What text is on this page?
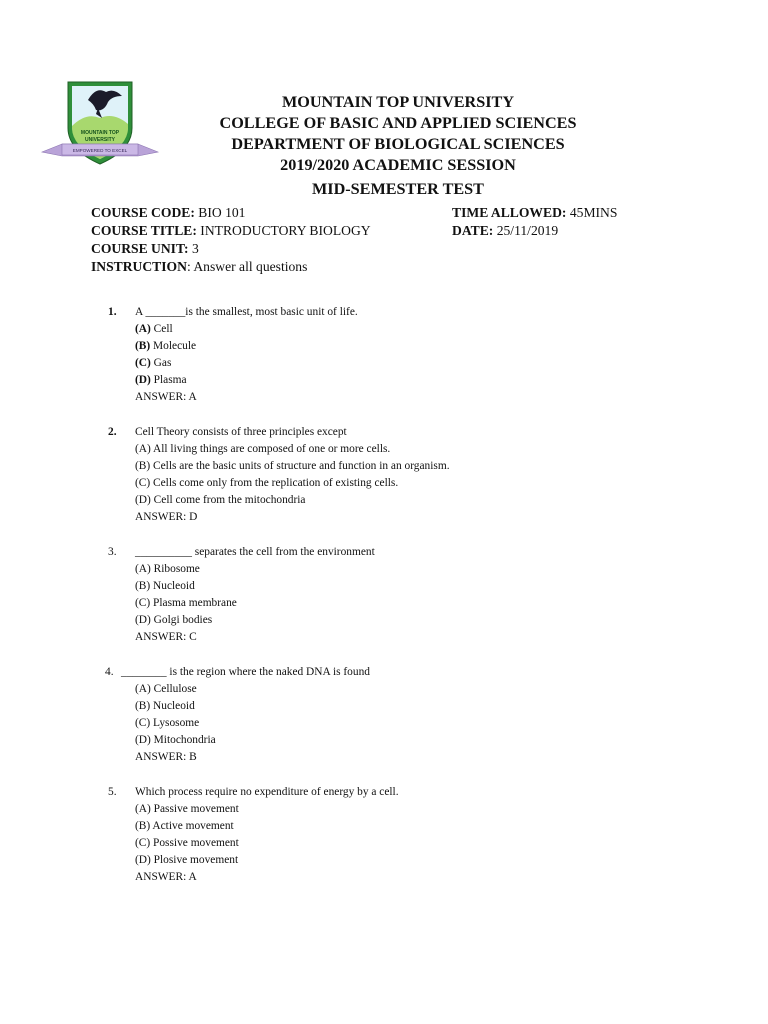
MOUNTAIN TOP
UNIVERSITY
EMPOWERED TO EXCEL
MOUNTAIN TOP UNIVERSITY
COLLEGE OF BASIC AND APPLIED SCIENCES
DEPARTMENT OF BIOLOGICAL SCIENCES
2019/2020 ACADEMIC SESSION
MID-SEMESTER TEST
COURSE CODE: BIO 101	TIME ALLOWED: 45MINS
COURSE TITLE: INTRODUCTORY BIOLOGY	DATE: 25/11/2019
COURSE UNIT: 3
INSTRUCTION: Answer all questions
1. A _______is the smallest, most basic unit of life.
(A) Cell
(B) Molecule
(C) Gas
(D) Plasma
ANSWER: A
2. Cell Theory consists of three principles except
(A) All living things are composed of one or more cells.
(B) Cells are the basic units of structure and function in an organism.
(C) Cells come only from the replication of existing cells.
(D) Cell come from the mitochondria
ANSWER: D
3. __________ separates the cell from the environment
(A) Ribosome
(B) Nucleoid
(C) Plasma membrane
(D) Golgi bodies
ANSWER: C
4. ________ is the region where the naked DNA is found
(A) Cellulose
(B) Nucleoid
(C) Lysosome
(D) Mitochondria
ANSWER: B
5. Which process require no expenditure of energy by a cell.
(A) Passive movement
(B) Active movement
(C) Possive movement
(D) Plosive movement
ANSWER: A
